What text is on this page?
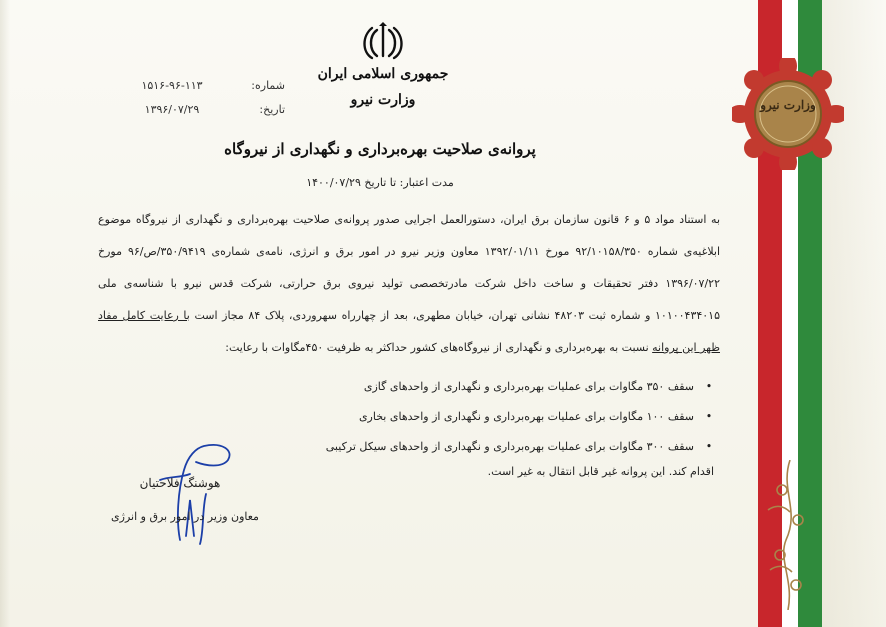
وزارت نیرو
جمهوری اسلامی ایران
وزارت نیرو
شماره:۱۵۱۶-۹۶-۱۱۳
تاریخ:۱۳۹۶/۰۷/۲۹
پروانه‌ی صلاحیت بهره‌برداری و نگهداری از نیروگاه
مدت اعتبار: تا تاریخ ۱۴۰۰/۰۷/۲۹
به استناد مواد ۵ و ۶ قانون سازمان برق ایران، دستورالعمل اجرایی صدور پروانه‌ی صلاحیت بهره‌برداری و نگهداری از نیروگاه موضوع ابلاغیه‌ی شماره ۹۲/۱۰۱۵۸/۳۵۰ مورخ ۱۳۹۲/۰۱/۱۱ معاون وزیر نیرو در امور برق و انرژی، نامه‌ی شماره‌ی ۳۵۰/۹۴۱۹/ص/۹۶ مورخ ۱۳۹۶/۰۷/۲۲ دفتر تحقیقات و ساخت داخل شرکت مادرتخصصی تولید نیروی برق حرارتی، شرکت قدس نیرو با شناسه‌ی ملی ۱۰۱۰۰۴۳۴۰۱۵ و شماره ثبت ۴۸۲۰۳ نشانی تهران، خیابان مطهری، بعد از چهارراه سهروردی، پلاک ۸۴ مجاز است با رعایت کامل مفاد ظهر این پروانه نسبت به بهره‌برداری و نگهداری از نیروگاه‌های کشور حداکثر به ظرفیت ۴۵۰مگاوات با رعایت:
• سقف ۳۵۰ مگاوات برای عملیات بهره‌برداری و نگهداری از واحدهای گازی
• سقف ۱۰۰ مگاوات برای عملیات بهره‌برداری و نگهداری از واحدهای بخاری
• سقف ۳۰۰ مگاوات برای عملیات بهره‌برداری و نگهداری از واحدهای سیکل ترکیبی
اقدام کند. این پروانه غیر قابل انتقال به غیر است.
هوشنگ فلاحتیان
معاون وزیر در امور برق و انرژی
